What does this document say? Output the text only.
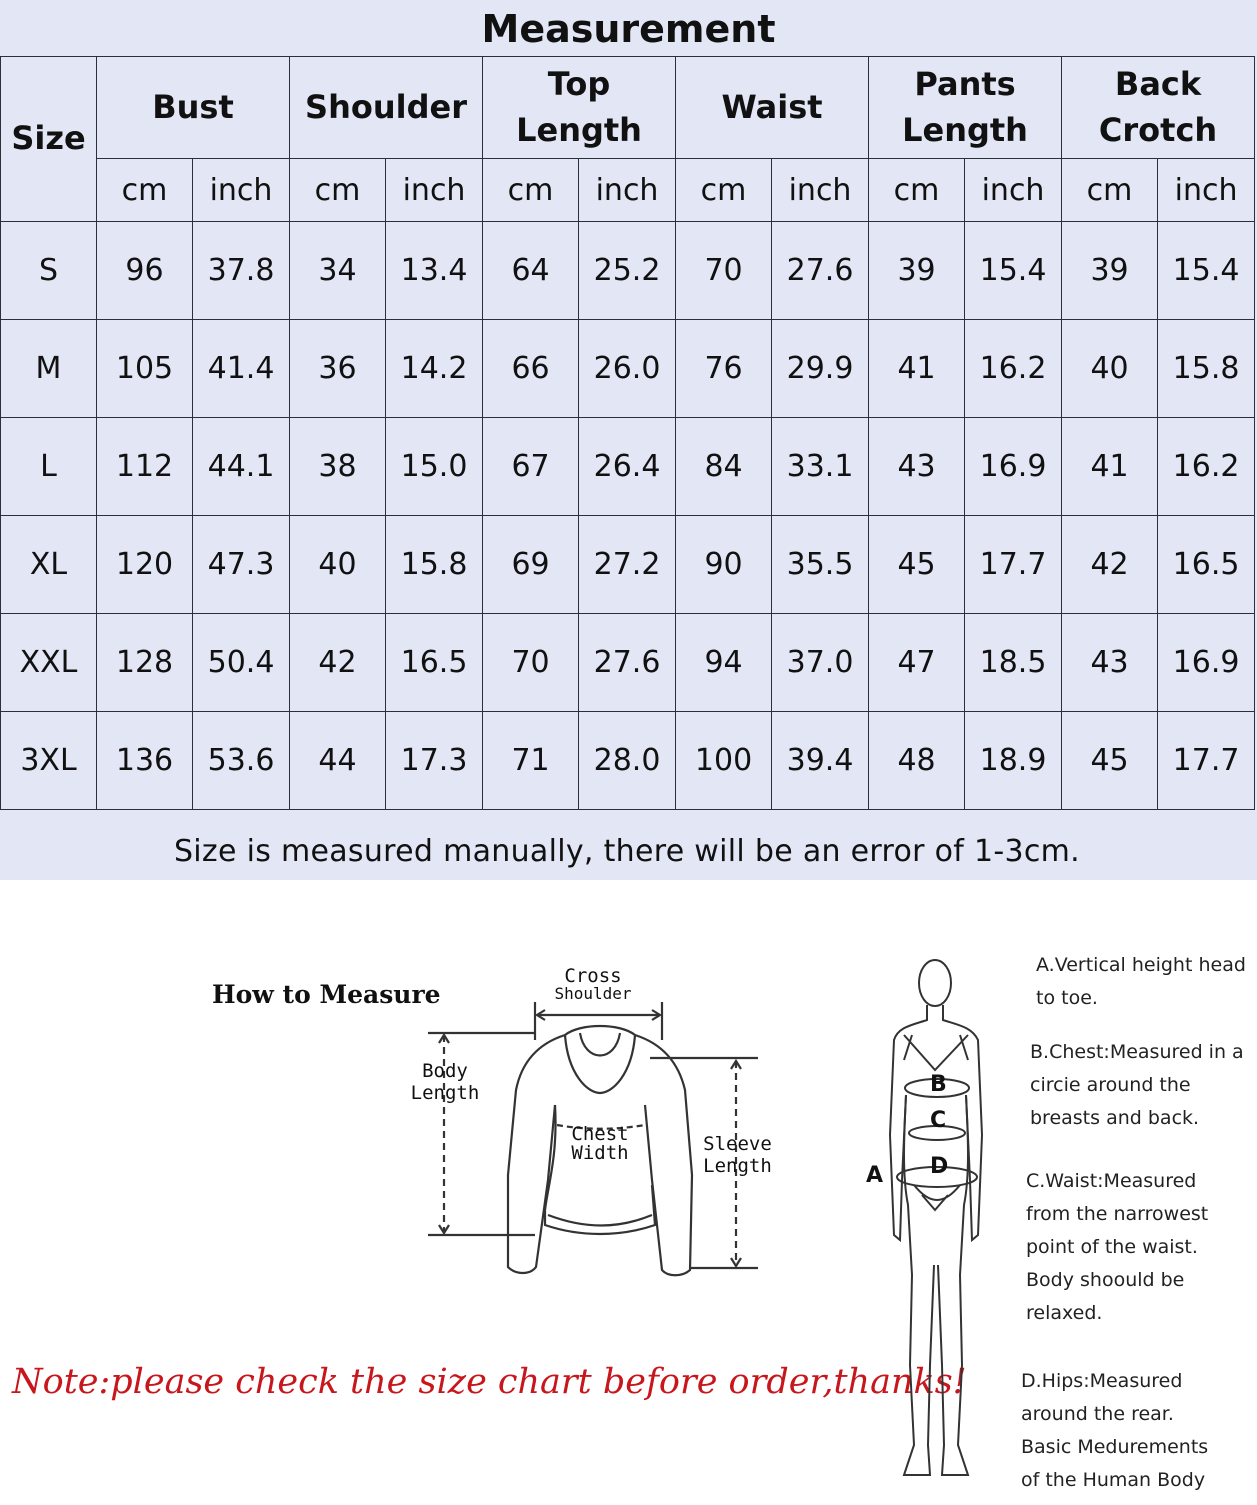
Measurement
Size	Bust		Shoulder		Top Length		Waist		Pants Length		Back Crotch	
	cm	inch	cm	inch	cm	inch	cm	inch	cm	inch	cm	inch
S	96	37.8	34	13.4	64	25.2	70	27.6	39	15.4	39	15.4
M	105	41.4	36	14.2	66	26.0	76	29.9	41	16.2	40	15.8
L	112	44.1	38	15.0	67	26.4	84	33.1	43	16.9	41	16.2
XL	120	47.3	40	15.8	69	27.2	90	35.5	45	17.7	42	16.5
XXL	128	50.4	42	16.5	70	27.6	94	37.0	47	18.5	43	16.9
3XL	136	53.6	44	17.3	71	28.0	100	39.4	48	18.9	45	17.7
Size is measured manually, there will be an error of 1-3cm.
How to Measure
Cross
Shoulder
Body
Length
Chest
Width	Sleeve
Length
Note:please check the size chart before order,thanks!
A
B
C
D
A.Vertical height head
to toe.
B.Chest:Measured in a
circie around the
breasts and back.
C.Waist:Measured
from the narrowest
point of the waist.
Body shoould be
relaxed.
D.Hips:Measured
around the rear.
Basic Medurements
of the Human Body
